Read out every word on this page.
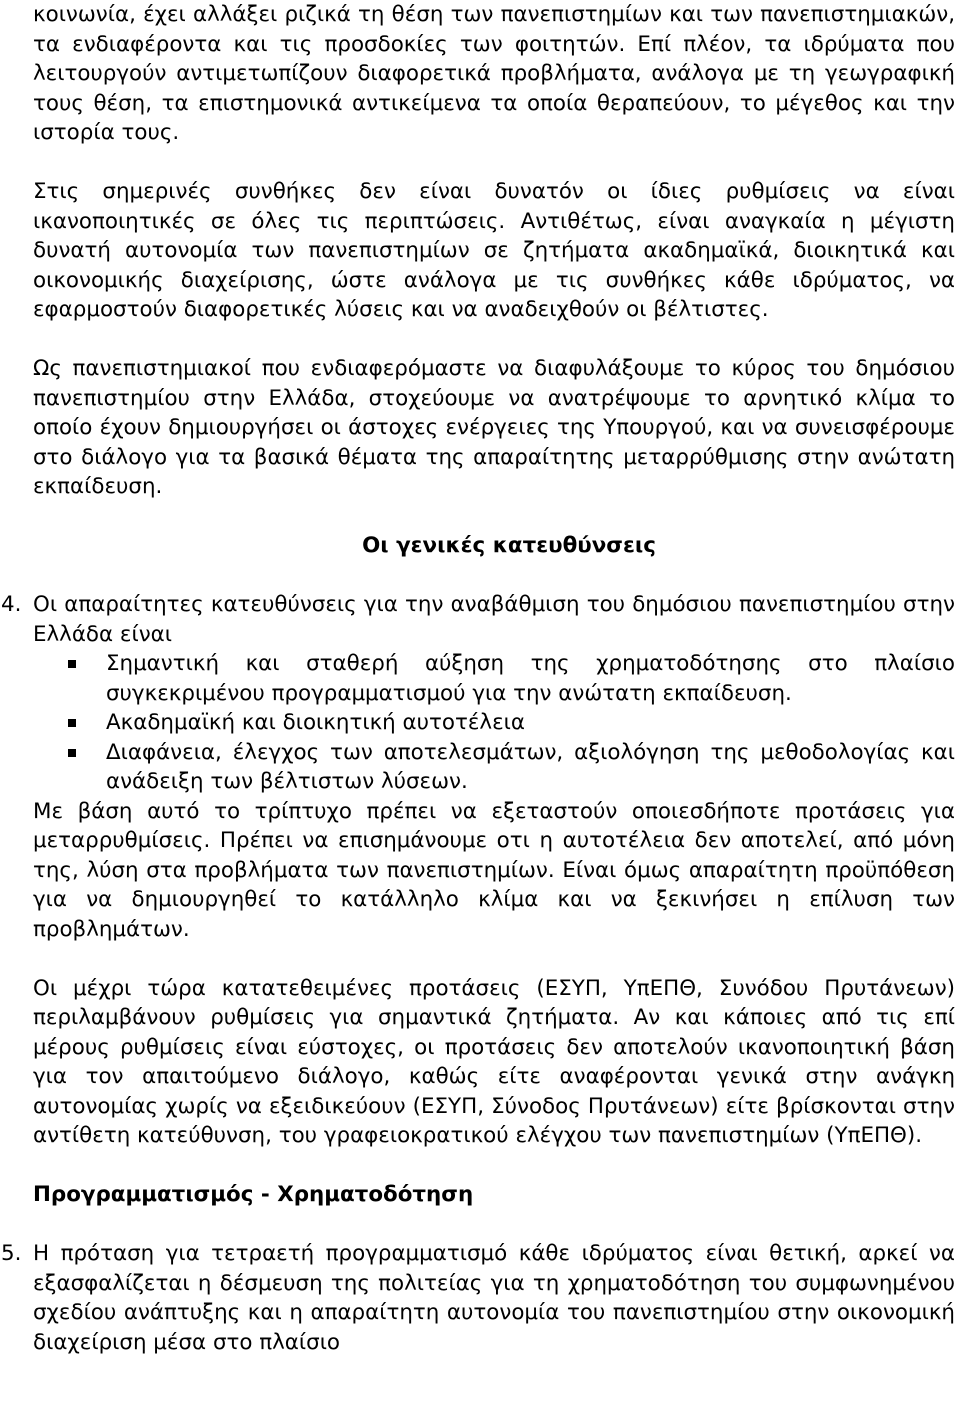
κοινωνία, έχει αλλάξει ριζικά τη θέση των πανεπιστημίων και των πανεπιστημιακών, τα ενδιαφέροντα και τις προσδοκίες των φοιτητών. Επί πλέον, τα ιδρύματα που λειτουργούν αντιμετωπίζουν διαφορετικά προβλήματα, ανάλογα με τη γεωγραφική τους θέση, τα επιστημονικά αντικείμενα τα οποία θεραπεύουν, το μέγεθος και την ιστορία τους.

Στις σημερινές συνθήκες δεν είναι δυνατόν οι ίδιες ρυθμίσεις να είναι ικανοποιητικές σε όλες τις περιπτώσεις. Αντιθέτως, είναι αναγκαία η μέγιστη δυνατή αυτονομία των πανεπιστημίων σε ζητήματα ακαδημαϊκά, διοικητικά και οικονομικής διαχείρισης, ώστε ανάλογα με τις συνθήκες κάθε ιδρύματος, να εφαρμοστούν διαφορετικές λύσεις και να αναδειχθούν οι βέλτιστες.

Ως πανεπιστημιακοί που ενδιαφερόμαστε να διαφυλάξουμε το κύρος του δημόσιου πανεπιστημίου στην Ελλάδα, στοχεύουμε να ανατρέψουμε το αρνητικό κλίμα το οποίο έχουν δημιουργήσει οι άστοχες ενέργειες της Υπουργού, και να συνεισφέρουμε στο διάλογο για τα βασικά θέματα της απαραίτητης μεταρρύθμισης στην ανώτατη εκπαίδευση.

Οι γενικές κατευθύνσεις

4. Οι απαραίτητες κατευθύνσεις για την αναβάθμιση του δημόσιου πανεπιστημίου στην Ελλάδα είναι

Σημαντική και σταθερή αύξηση της χρηματοδότησης στο πλαίσιο συγκεκριμένου προγραμματισμού για την ανώτατη εκπαίδευση.
Ακαδημαϊκή και διοικητική αυτοτέλεια
Διαφάνεια, έλεγχος των αποτελεσμάτων, αξιολόγηση της μεθοδολογίας και ανάδειξη των βέλτιστων λύσεων.

Με βάση αυτό το τρίπτυχο πρέπει να εξεταστούν οποιεσδήποτε προτάσεις για μεταρρυθμίσεις. Πρέπει να επισημάνουμε οτι η αυτοτέλεια δεν αποτελεί, από μόνη της, λύση στα προβλήματα των πανεπιστημίων. Είναι όμως απαραίτητη προϋπόθεση για να δημιουργηθεί το κατάλληλο κλίμα και να ξεκινήσει η επίλυση των προβλημάτων.

Οι μέχρι τώρα κατατεθειμένες προτάσεις (ΕΣΥΠ, ΥπΕΠΘ, Συνόδου Πρυτάνεων) περιλαμβάνουν ρυθμίσεις για σημαντικά ζητήματα. Αν και κάποιες από τις επί μέρους ρυθμίσεις είναι εύστοχες, οι προτάσεις δεν αποτελούν ικανοποιητική βάση για τον απαιτούμενο διάλογο, καθώς είτε αναφέρονται γενικά στην ανάγκη αυτονομίας χωρίς να εξειδικεύουν (ΕΣΥΠ, Σύνοδος Πρυτάνεων) είτε βρίσκονται στην αντίθετη κατεύθυνση, του γραφειοκρατικού ελέγχου των πανεπιστημίων (ΥπΕΠΘ).

Προγραμματισμός - Χρηματοδότηση

5. Η πρόταση για τετραετή προγραμματισμό κάθε ιδρύματος είναι θετική, αρκεί να εξασφαλίζεται η δέσμευση της πολιτείας για τη χρηματοδότηση του συμφωνημένου σχεδίου ανάπτυξης και η απαραίτητη αυτονομία του πανεπιστημίου στην οικονομική διαχείριση μέσα στο πλαίσιο
